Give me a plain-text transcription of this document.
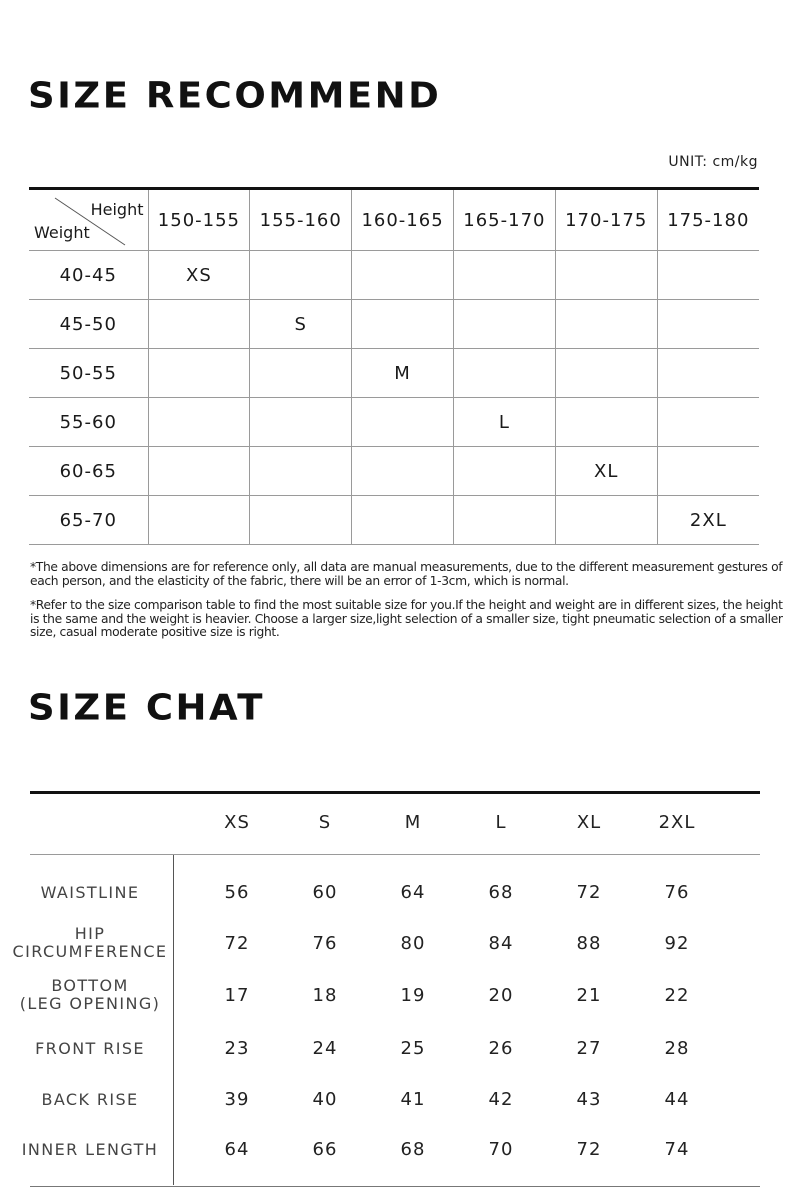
SIZE RECOMMEND
UNIT: cm/kg
Height
Weight	150-155	155-160	160-165	165-170	170-175	175-180
40-45	XS					
45-50		S				
50-55			M			
55-60				L		
60-65					XL	
65-70						2XL

*The above dimensions are for reference only, all data are manual measurements, due to the different measurement gestures of each person, and the elasticity of the fabric, there will be an error of 1-3cm, which is normal.

*Refer to the size comparison table to find the most suitable size for you.If the height and weight are in different sizes, the height is the same and the weight is heavier. Choose a larger size,light selection of a smaller size, tight pneumatic selection of a smaller size, casual moderate positive size is right.

SIZE CHAT
XS	S	M	L	XL	2XL
WAISTLINE	56	60	64	68	72	76
HIP
CIRCUMFERENCE	72	76	80	84	88	92
BOTTOM
(LEG OPENING)	17	18	19	20	21	22
FRONT RISE	23	24	25	26	27	28
BACK RISE	39	40	41	42	43	44
INNER LENGTH	64	66	68	70	72	74
